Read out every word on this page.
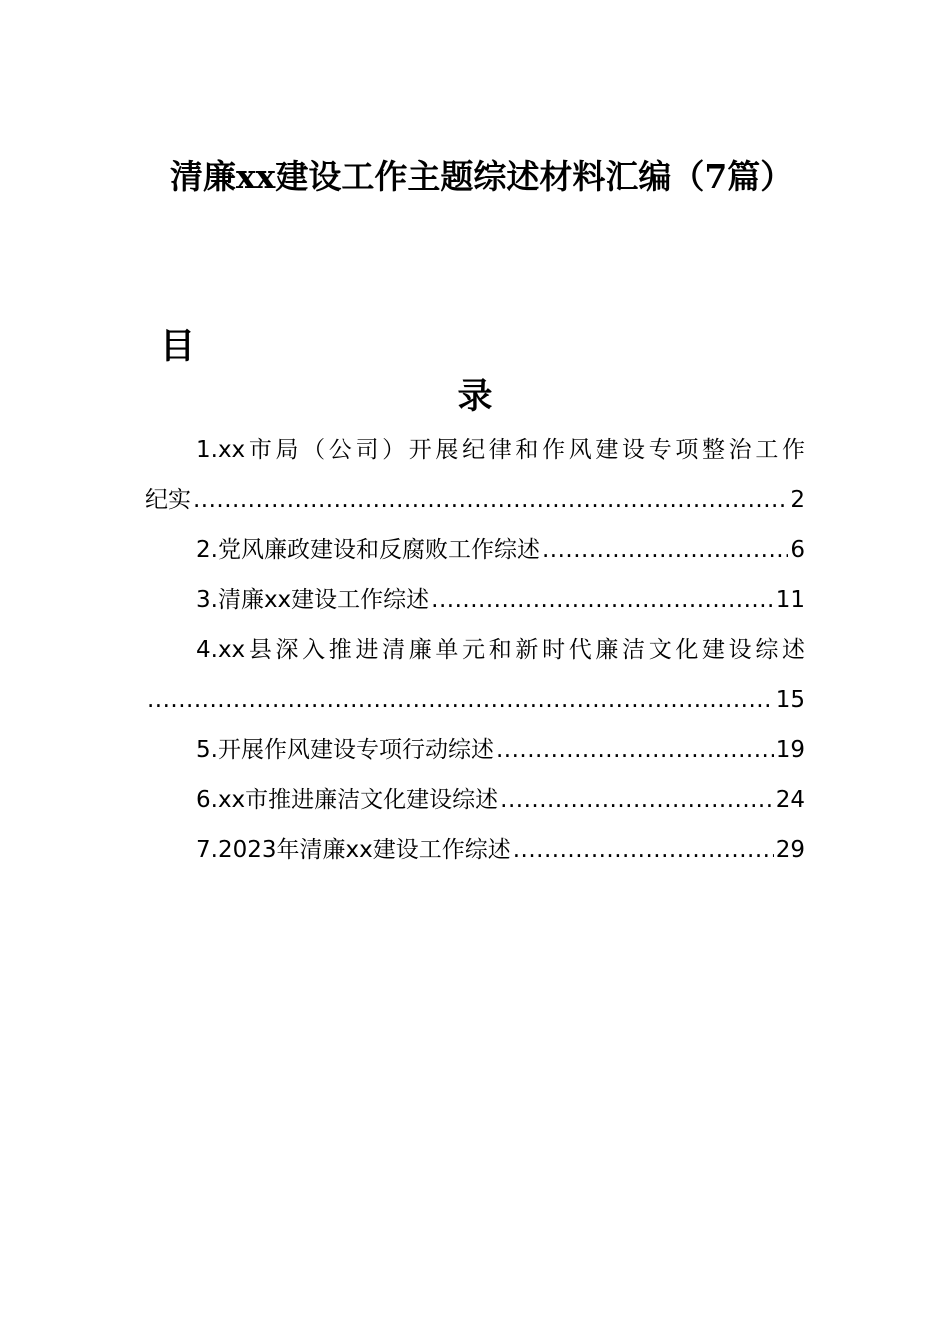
清廉xx建设工作主题综述材料汇编（7篇）
目
录
1.xx市局（公司）开展纪律和作风建设专项整治工作
纪实 .....	2
2.党风廉政建设和反腐败工作综述 .....	6
3.清廉xx建设工作综述 .....	11
4.xx县深入推进清廉单元和新时代廉洁文化建设综述
.....
15
5.开展作风建设专项行动综述 .....	19
6.xx市推进廉洁文化建设综述 .....	24
7.2023年清廉xx建设工作综述 .....	29
